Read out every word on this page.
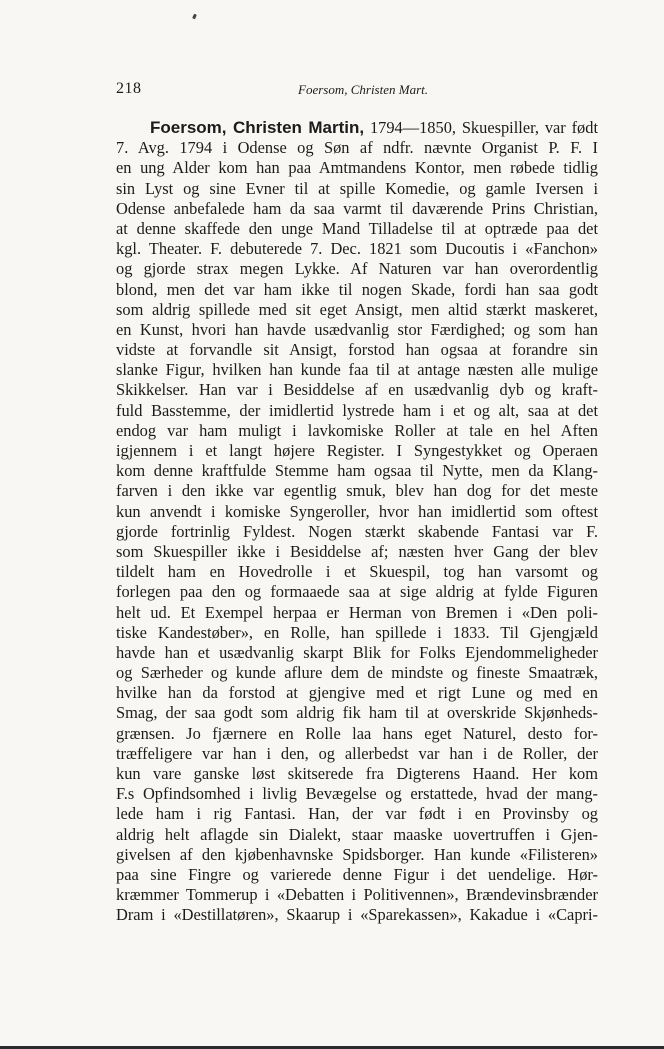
218	Foersom, Christen Mart.
Foersom, Christen Martin, 1794—1850, Skuespiller, var født
7. Avg. 1794 i Odense og Søn af ndfr. nævnte Organist P. F. I
en ung Alder kom han paa Amtmandens Kontor, men røbede tidlig
sin Lyst og sine Evner til at spille Komedie, og gamle Iversen i
Odense anbefalede ham da saa varmt til daværende Prins Christian,
at denne skaffede den unge Mand Tilladelse til at optræde paa det
kgl. Theater. F. debuterede 7. Dec. 1821 som Ducoutis i «Fanchon»
og gjorde strax megen Lykke. Af Naturen var han overordentlig
blond, men det var ham ikke til nogen Skade, fordi han saa godt
som aldrig spillede med sit eget Ansigt, men altid stærkt maskeret,
en Kunst, hvori han havde usædvanlig stor Færdighed; og som han
vidste at forvandle sit Ansigt, forstod han ogsaa at forandre sin
slanke Figur, hvilken han kunde faa til at antage næsten alle mulige
Skikkelser. Han var i Besiddelse af en usædvanlig dyb og kraft-
fuld Basstemme, der imidlertid lystrede ham i et og alt, saa at det
endog var ham muligt i lavkomiske Roller at tale en hel Aften
igjennem i et langt højere Register. I Syngestykket og Operaen
kom denne kraftfulde Stemme ham ogsaa til Nytte, men da Klang-
farven i den ikke var egentlig smuk, blev han dog for det meste
kun anvendt i komiske Syngeroller, hvor han imidlertid som oftest
gjorde fortrinlig Fyldest. Nogen stærkt skabende Fantasi var F.
som Skuespiller ikke i Besiddelse af; næsten hver Gang der blev
tildelt ham en Hovedrolle i et Skuespil, tog han varsomt og
forlegen paa den og formaaede saa at sige aldrig at fylde Figuren
helt ud. Et Exempel herpaa er Herman von Bremen i «Den poli-
tiske Kandestøber», en Rolle, han spillede i 1833. Til Gjengjæld
havde han et usædvanlig skarpt Blik for Folks Ejendommeligheder
og Særheder og kunde aflure dem de mindste og fineste Smaatræk,
hvilke han da forstod at gjengive med et rigt Lune og med en
Smag, der saa godt som aldrig fik ham til at overskride Skjønheds-
grænsen. Jo fjærnere en Rolle laa hans eget Naturel, desto for-
træffeligere var han i den, og allerbedst var han i de Roller, der
kun vare ganske løst skitserede fra Digterens Haand. Her kom
F.s Opfindsomhed i livlig Bevægelse og erstattede, hvad der mang-
lede ham i rig Fantasi. Han, der var født i en Provinsby og
aldrig helt aflagde sin Dialekt, staar maaske uovertruffen i Gjen-
givelsen af den kjøbenhavnske Spidsborger. Han kunde «Filisteren»
paa sine Fingre og varierede denne Figur i det uendelige. Hør-
kræmmer Tommerup i «Debatten i Politivennen», Brændevinsbrænder
Dram i «Destillatøren», Skaarup i «Sparekassen», Kakadue i «Capri-
